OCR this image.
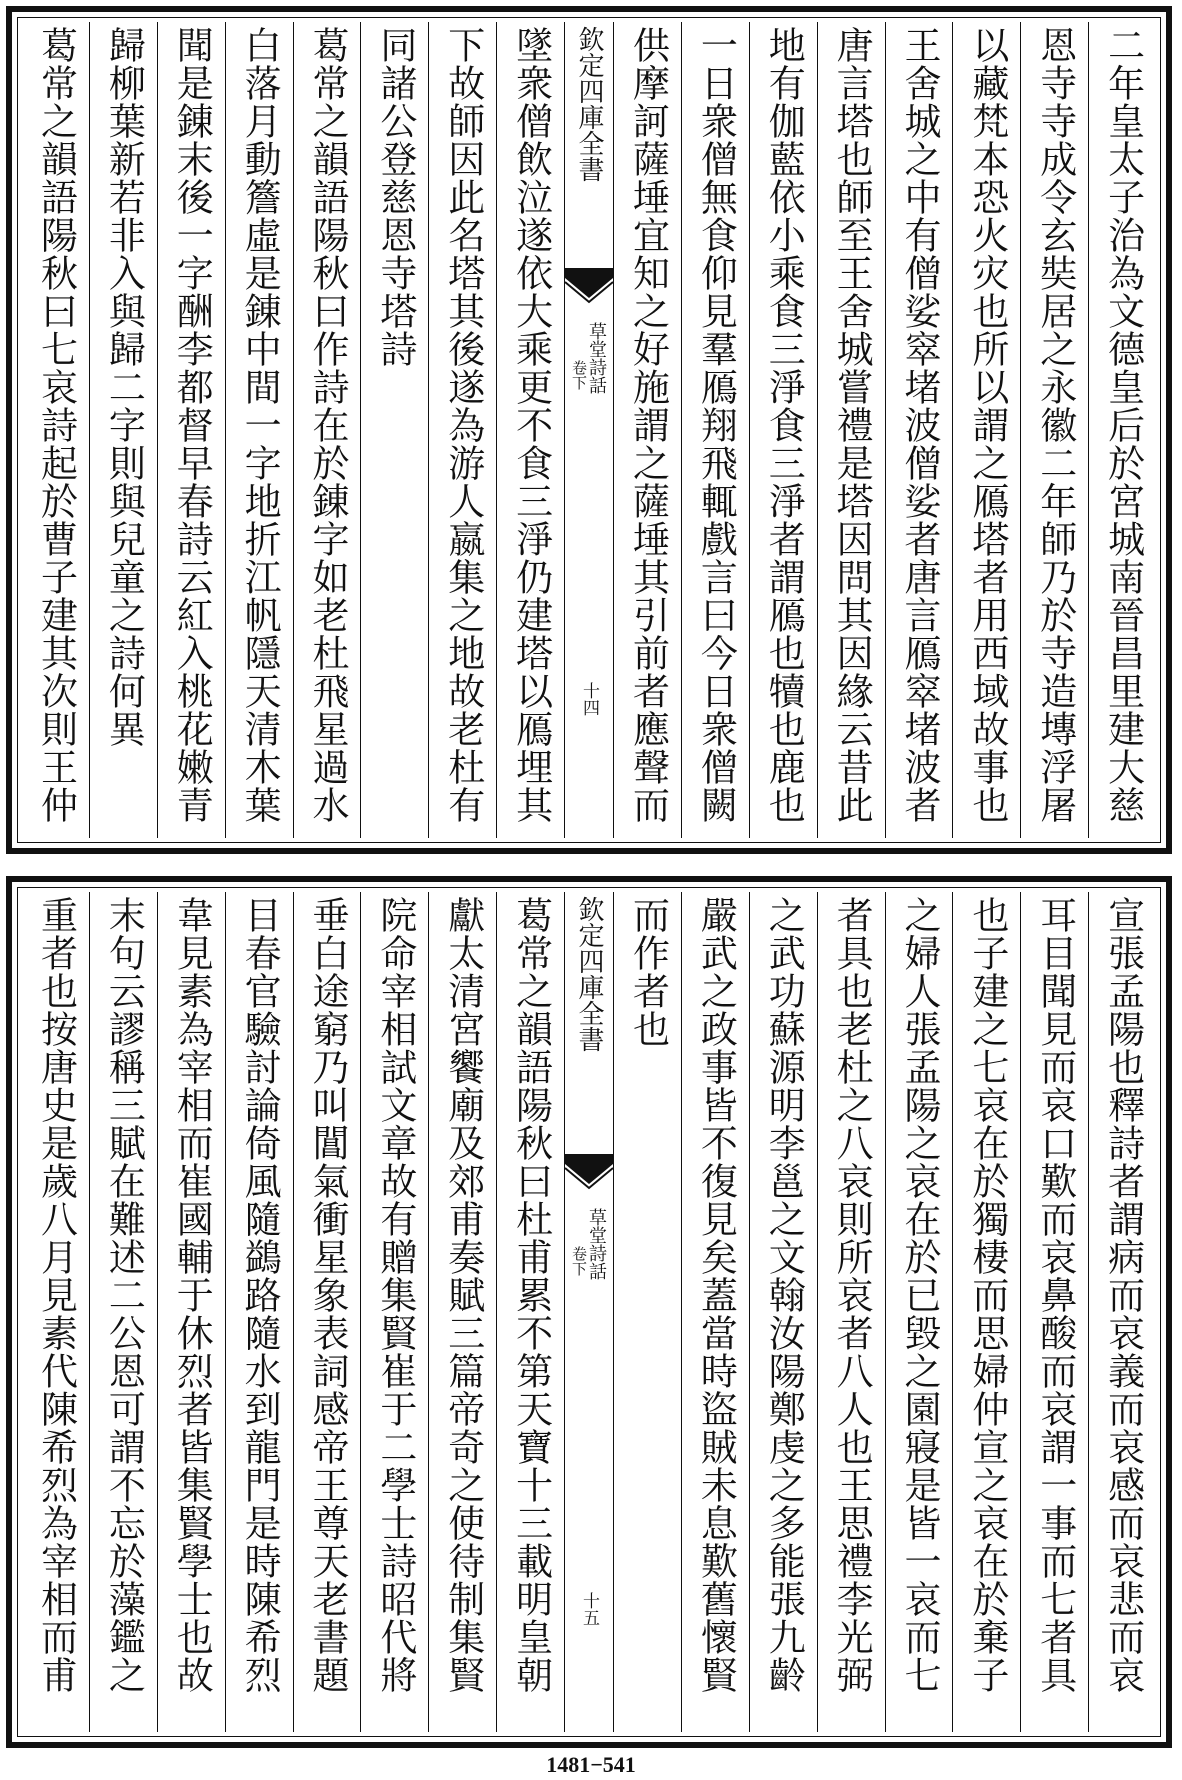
二年皇太子治為文德皇后於宮城南晉昌里建大慈
恩寺寺成令玄奘居之永徽二年師乃於寺造塼浮屠
以藏梵本恐火灾也所以謂之鴈塔者用西域故事也
王舍城之中有僧娑窣堵波僧娑者唐言鴈窣堵波者
唐言塔也師至王舍城嘗禮是塔因問其因緣云昔此
地有伽藍依小乘食三淨食三淨者謂鴈也犢也鹿也
一日衆僧無食仰見羣鴈翔飛輒戲言曰今日衆僧闕
供摩訶薩埵宜知之好施謂之薩埵其引前者應聲而
欽定四庫全書
草堂詩話
卷下
十四
墜衆僧飲泣遂依大乘更不食三淨仍建塔以鴈埋其
下故師因此名塔其後遂為游人嬴集之地故老杜有
同諸公登慈恩寺塔詩
葛常之韻語陽秋曰作詩在於錬字如老杜飛星過水
白落月動簷虛是錬中間一字地折江帆隱天清木葉
聞是錬末後一字酬李都督早春詩云紅入桃花嫩青
歸柳葉新若非入與歸二字則與兒童之詩何異
葛常之韻語陽秋曰七哀詩起於曹子建其次則王仲
宣張孟陽也釋詩者謂病而哀義而哀感而哀悲而哀
耳目聞見而哀口歎而哀鼻酸而哀謂一事而七者具
也子建之七哀在於獨棲而思婦仲宣之哀在於棄子
之婦人張孟陽之哀在於已毀之園寢是皆一哀而七
者具也老杜之八哀則所哀者八人也王思禮李光弼
之武功蘇源明李邕之文翰汝陽鄭虔之多能張九齡
嚴武之政事皆不復見矣蓋當時盜賊未息歎舊懷賢
而作者也
欽定四庫全書
草堂詩話
卷下
十五
葛常之韻語陽秋曰杜甫累不第天寶十三載明皇朝
獻太清宮饗廟及郊甫奏賦三篇帝奇之使待制集賢
院命宰相試文章故有贈集賢崔于二學士詩昭代將
垂白途窮乃叫閶氣衝星象表詞感帝王尊天老書題
目春官驗討論倚風隨鷁路隨水到龍門是時陳希烈
韋見素為宰相而崔國輔于休烈者皆集賢學士也故
末句云謬稱三賦在難述二公恩可謂不忘於藻鑑之
重者也按唐史是歲八月見素代陳希烈為宰相而甫
1481−541
